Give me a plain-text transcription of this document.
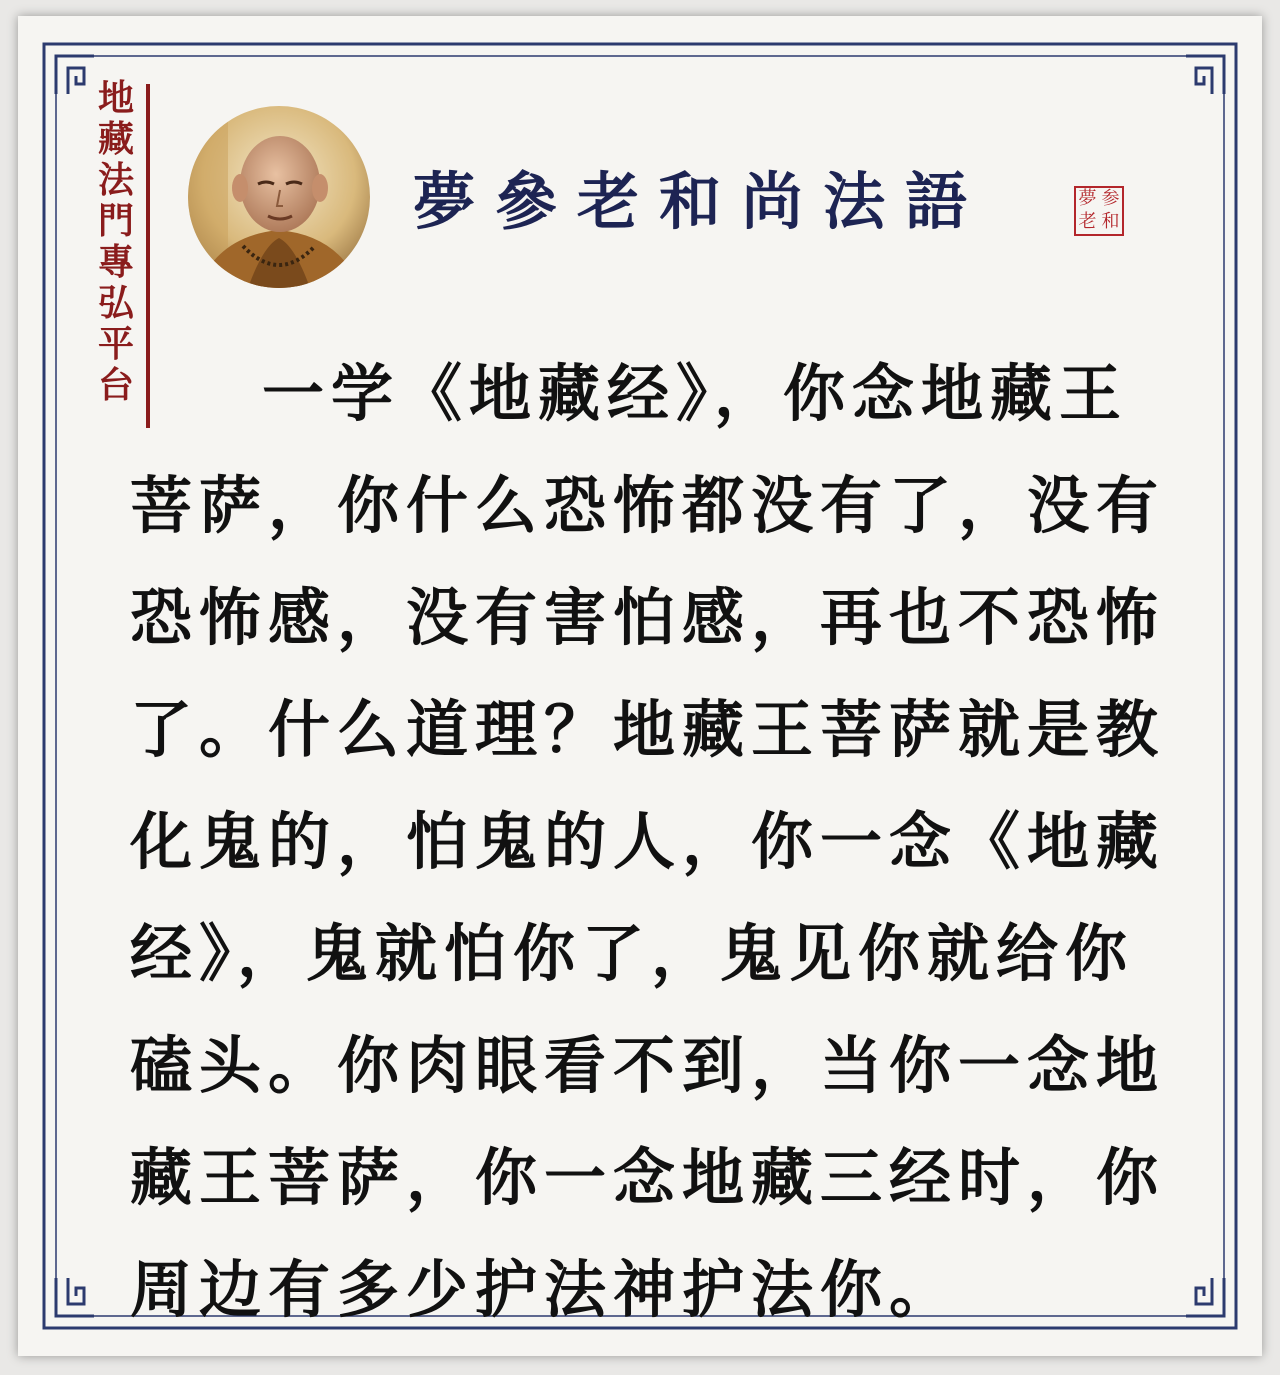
地
藏
法
門
專
弘
平
台
夢 參 老 和 尚 法 語	夢 参
老 和
一学《地藏经》，你念地藏王菩萨，你什么恐怖都没有了，没有恐怖感，没有害怕感，再也不恐怖了。什么道理？地藏王菩萨就是教化鬼的，怕鬼的人，你一念《地藏经》，鬼就怕你了，鬼见你就给你磕头。你肉眼看不到，当你一念地藏王菩萨，你一念地藏三经时，你周边有多少护法神护法你。
